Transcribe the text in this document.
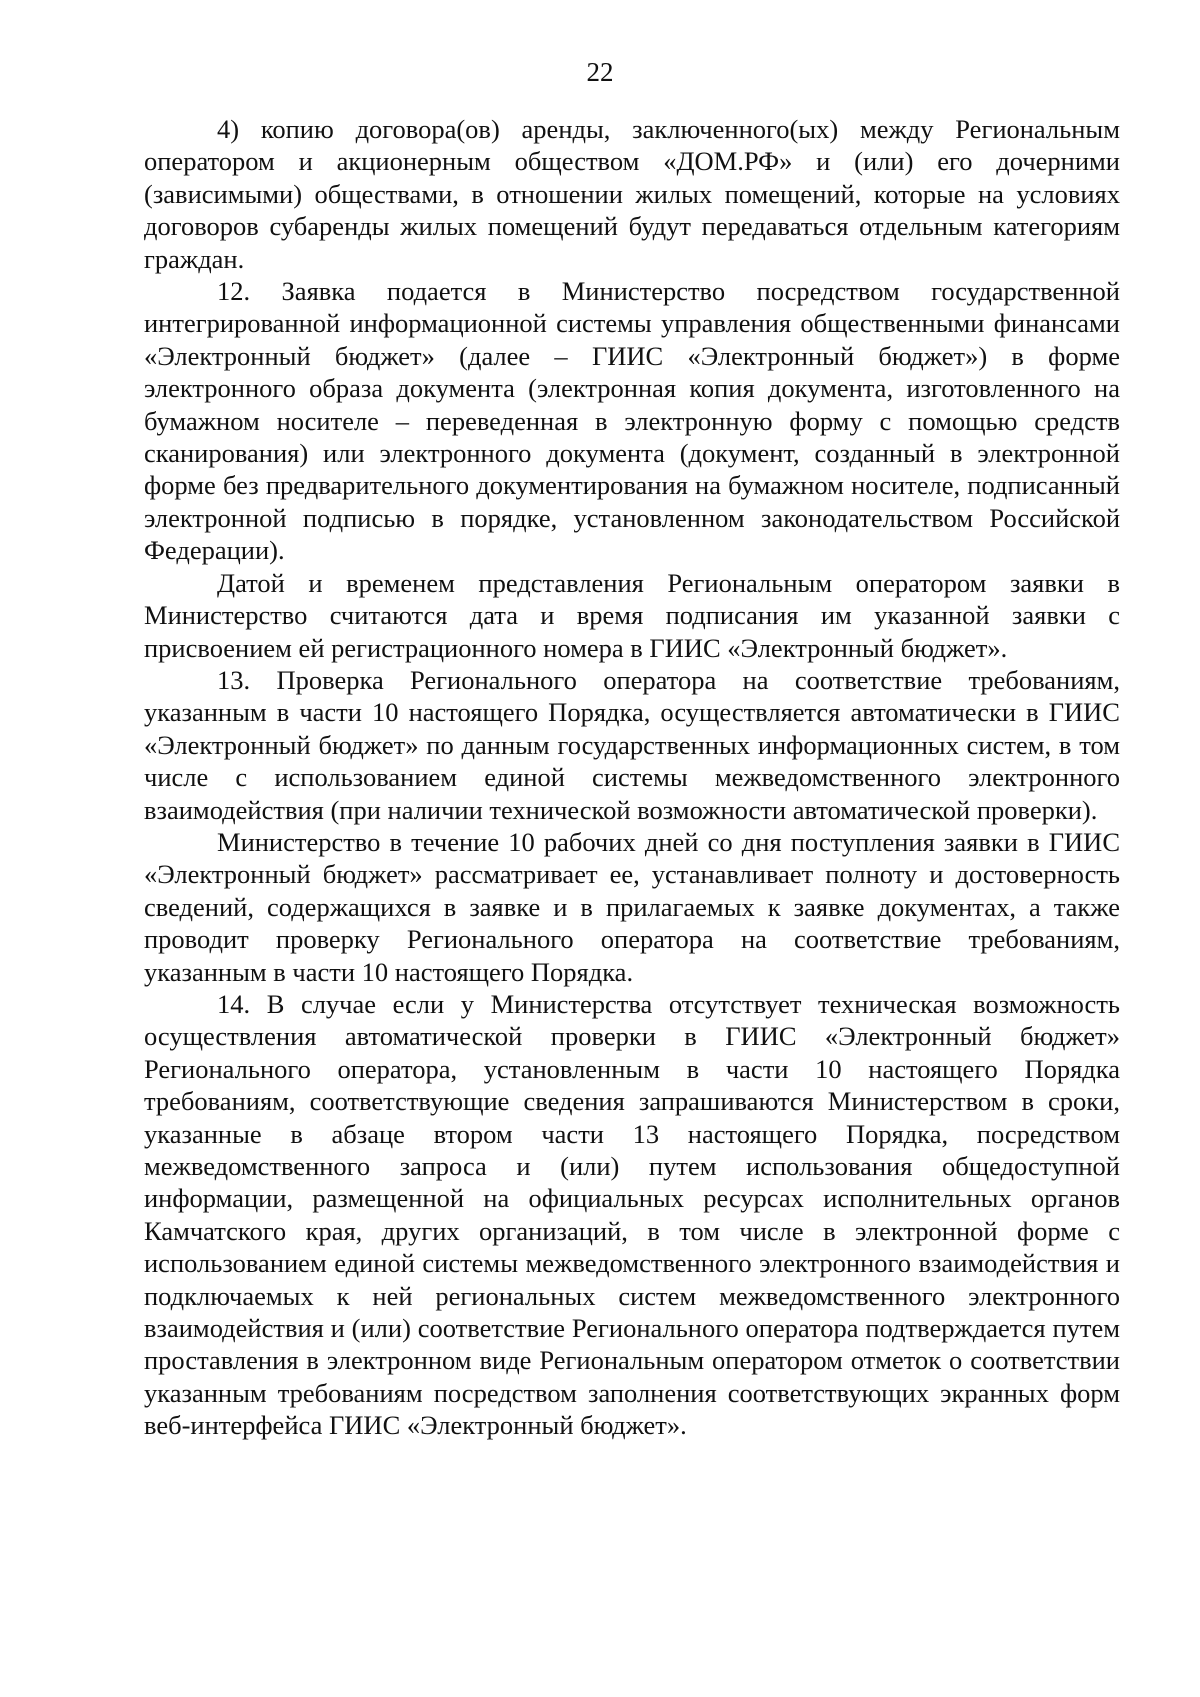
22

4) копию договора(ов) аренды, заключенного(ых) между Региональным оператором и акционерным обществом «ДОМ.РФ» и (или) его дочерними (зависимыми) обществами, в отношении жилых помещений, которые на условиях договоров субаренды жилых помещений будут передаваться отдельным категориям граждан.

12. Заявка подается в Министерство посредством государственной интегрированной информационной системы управления общественными финансами «Электронный бюджет» (далее – ГИИС «Электронный бюджет») в форме электронного образа документа (электронная копия документа, изготовленного на бумажном носителе – переведенная в электронную форму с помощью средств сканирования) или электронного документа (документ, созданный в электронной форме без предварительного документирования на бумажном носителе, подписанный электронной подписью в порядке, установленном законодательством Российской Федерации).

Датой и временем представления Региональным оператором заявки в Министерство считаются дата и время подписания им указанной заявки с присвоением ей регистрационного номера в ГИИС «Электронный бюджет».

13. Проверка Регионального оператора на соответствие требованиям, указанным в части 10 настоящего Порядка, осуществляется автоматически в ГИИС «Электронный бюджет» по данным государственных информационных систем, в том числе с использованием единой системы межведомственного электронного взаимодействия (при наличии технической возможности автоматической проверки).

Министерство в течение 10 рабочих дней со дня поступления заявки в ГИИС «Электронный бюджет» рассматривает ее, устанавливает полноту и достоверность сведений, содержащихся в заявке и в прилагаемых к заявке документах, а также проводит проверку Регионального оператора на соответствие требованиям, указанным в части 10 настоящего Порядка.

14. В случае если у Министерства отсутствует техническая возможность осуществления автоматической проверки в ГИИС «Электронный бюджет» Регионального оператора, установленным в части 10 настоящего Порядка требованиям, соответствующие сведения запрашиваются Министерством в сроки, указанные в абзаце втором части 13 настоящего Порядка, посредством межведомственного запроса и (или) путем использования общедоступной информации, размещенной на официальных ресурсах исполнительных органов Камчатского края, других организаций, в том числе в электронной форме с использованием единой системы межведомственного электронного взаимодействия и подключаемых к ней региональных систем межведомственного электронного взаимодействия и (или) соответствие Регионального оператора подтверждается путем проставления в электронном виде Региональным оператором отметок о соответствии указанным требованиям посредством заполнения соответствующих экранных форм веб-интерфейса ГИИС «Электронный бюджет».
